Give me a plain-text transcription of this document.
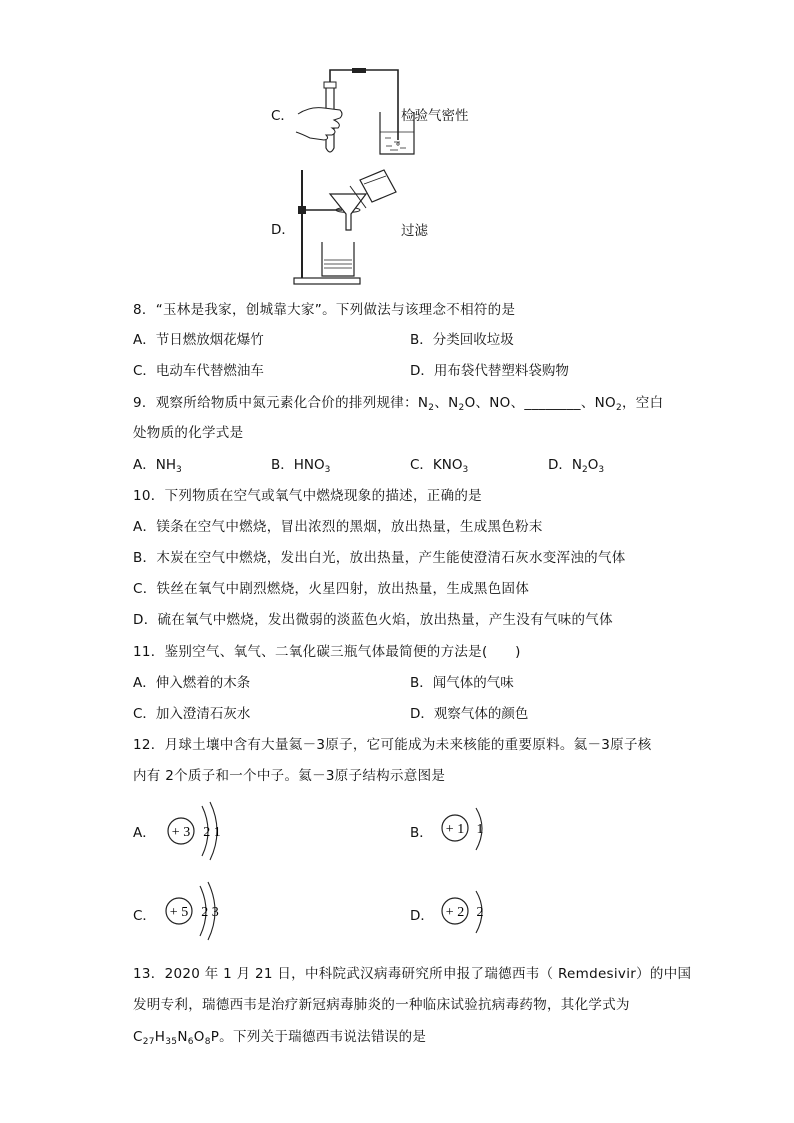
C．	检验气密性
D．	过滤
8．“玉林是我家，创城靠大家”。下列做法与该理念不相符的是
A．节日燃放烟花爆竹	B．分类回收垃圾
C．电动车代替燃油车	D．用布袋代替塑料袋购物
9．观察所给物质中氮元素化合价的排列规律：$N_2$、$N_2O$、NO、________、$NO_2$，空白
处物质的化学式是
A．$NH_3$	B．$HNO_3$	C．$KNO_3$	D．$N_2O_3$
10．下列物质在空气或氧气中燃烧现象的描述，正确的是
A．镁条在空气中燃烧，冒出浓烈的黑烟，放出热量，生成黑色粉末
B．木炭在空气中燃烧，发出白光，放出热量，产生能使澄清石灰水变浑浊的气体
C．铁丝在氧气中剧烈燃烧，火星四射，放出热量，生成黑色固体
D．硫在氧气中燃烧，发出微弱的淡蓝色火焰，放出热量，产生没有气味的气体
11．鉴别空气、氧气、二氧化碳三瓶气体最简便的方法是(　　)
A．伸入燃着的木条	B．闻气体的气味
C．加入澄清石灰水	D．观察气体的颜色
12．月球土壤中含有大量氦－3原子，它可能成为未来核能的重要原料。氦－3原子核
内有 2个质子和一个中子。氦－3原子结构示意图是
A． + 3 2 1	B． + 1 1
C． + 5 2 3	D． + 2 2
13．2020 年 1 月 21 日，中科院武汉病毒研究所申报了瑞德西韦（ Remdesivir）的中国
发明专利，瑞德西韦是治疗新冠病毒肺炎的一种临床试验抗病毒药物，其化学式为
$C_{27}H_{35}N_6O_8P$。下列关于瑞德西韦说法错误的是
